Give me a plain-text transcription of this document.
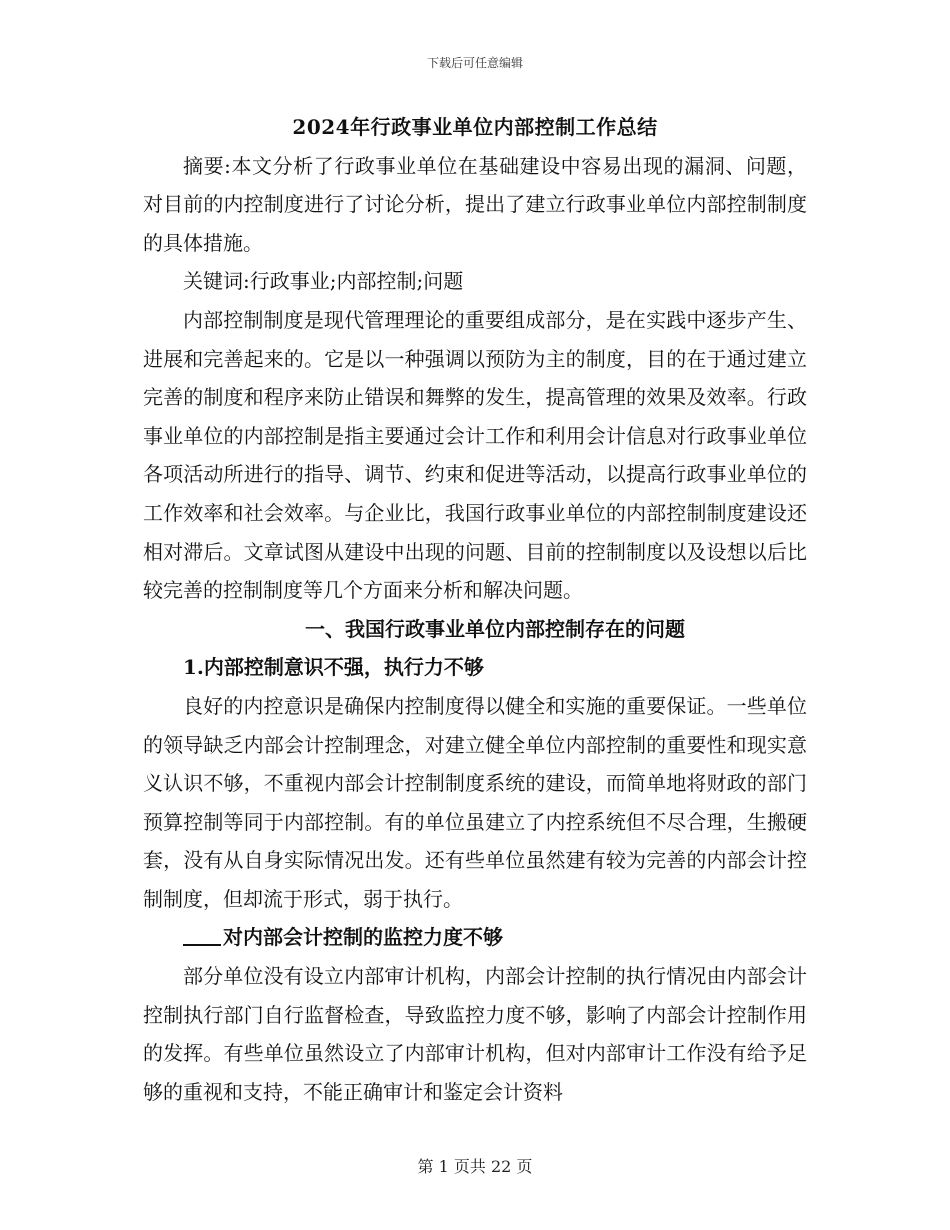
下载后可任意编辑

2024年行政事业单位内部控制工作总结

摘要:本文分析了行政事业单位在基础建设中容易出现的漏洞、问题，对目前的内控制度进行了讨论分析，提出了建立行政事业单位内部控制制度的具体措施。

关键词:行政事业;内部控制;问题

内部控制制度是现代管理理论的重要组成部分，是在实践中逐步产生、进展和完善起来的。它是以一种强调以预防为主的制度，目的在于通过建立完善的制度和程序来防止错误和舞弊的发生，提高管理的效果及效率。行政事业单位的内部控制是指主要通过会计工作和利用会计信息对行政事业单位各项活动所进行的指导、调节、约束和促进等活动，以提高行政事业单位的工作效率和社会效率。与企业比，我国行政事业单位的内部控制制度建设还相对滞后。文章试图从建设中出现的问题、目前的控制制度以及设想以后比较完善的控制制度等几个方面来分析和解决问题。

一、我国行政事业单位内部控制存在的问题

1.内部控制意识不强，执行力不够

良好的内控意识是确保内控制度得以健全和实施的重要保证。一些单位的领导缺乏内部会计控制理念，对建立健全单位内部控制的重要性和现实意义认识不够，不重视内部会计控制制度系统的建设，而简单地将财政的部门预算控制等同于内部控制。有的单位虽建立了内控系统但不尽合理，生搬硬套，没有从自身实际情况出发。还有些单位虽然建有较为完善的内部会计控制制度，但却流于形式，弱于执行。

对内部会计控制的监控力度不够

部分单位没有设立内部审计机构，内部会计控制的执行情况由内部会计控制执行部门自行监督检查，导致监控力度不够，影响了内部会计控制作用的发挥。有些单位虽然设立了内部审计机构，但对内部审计工作没有给予足够的重视和支持，不能正确审计和鉴定会计资料

第 1 页共 22 页
